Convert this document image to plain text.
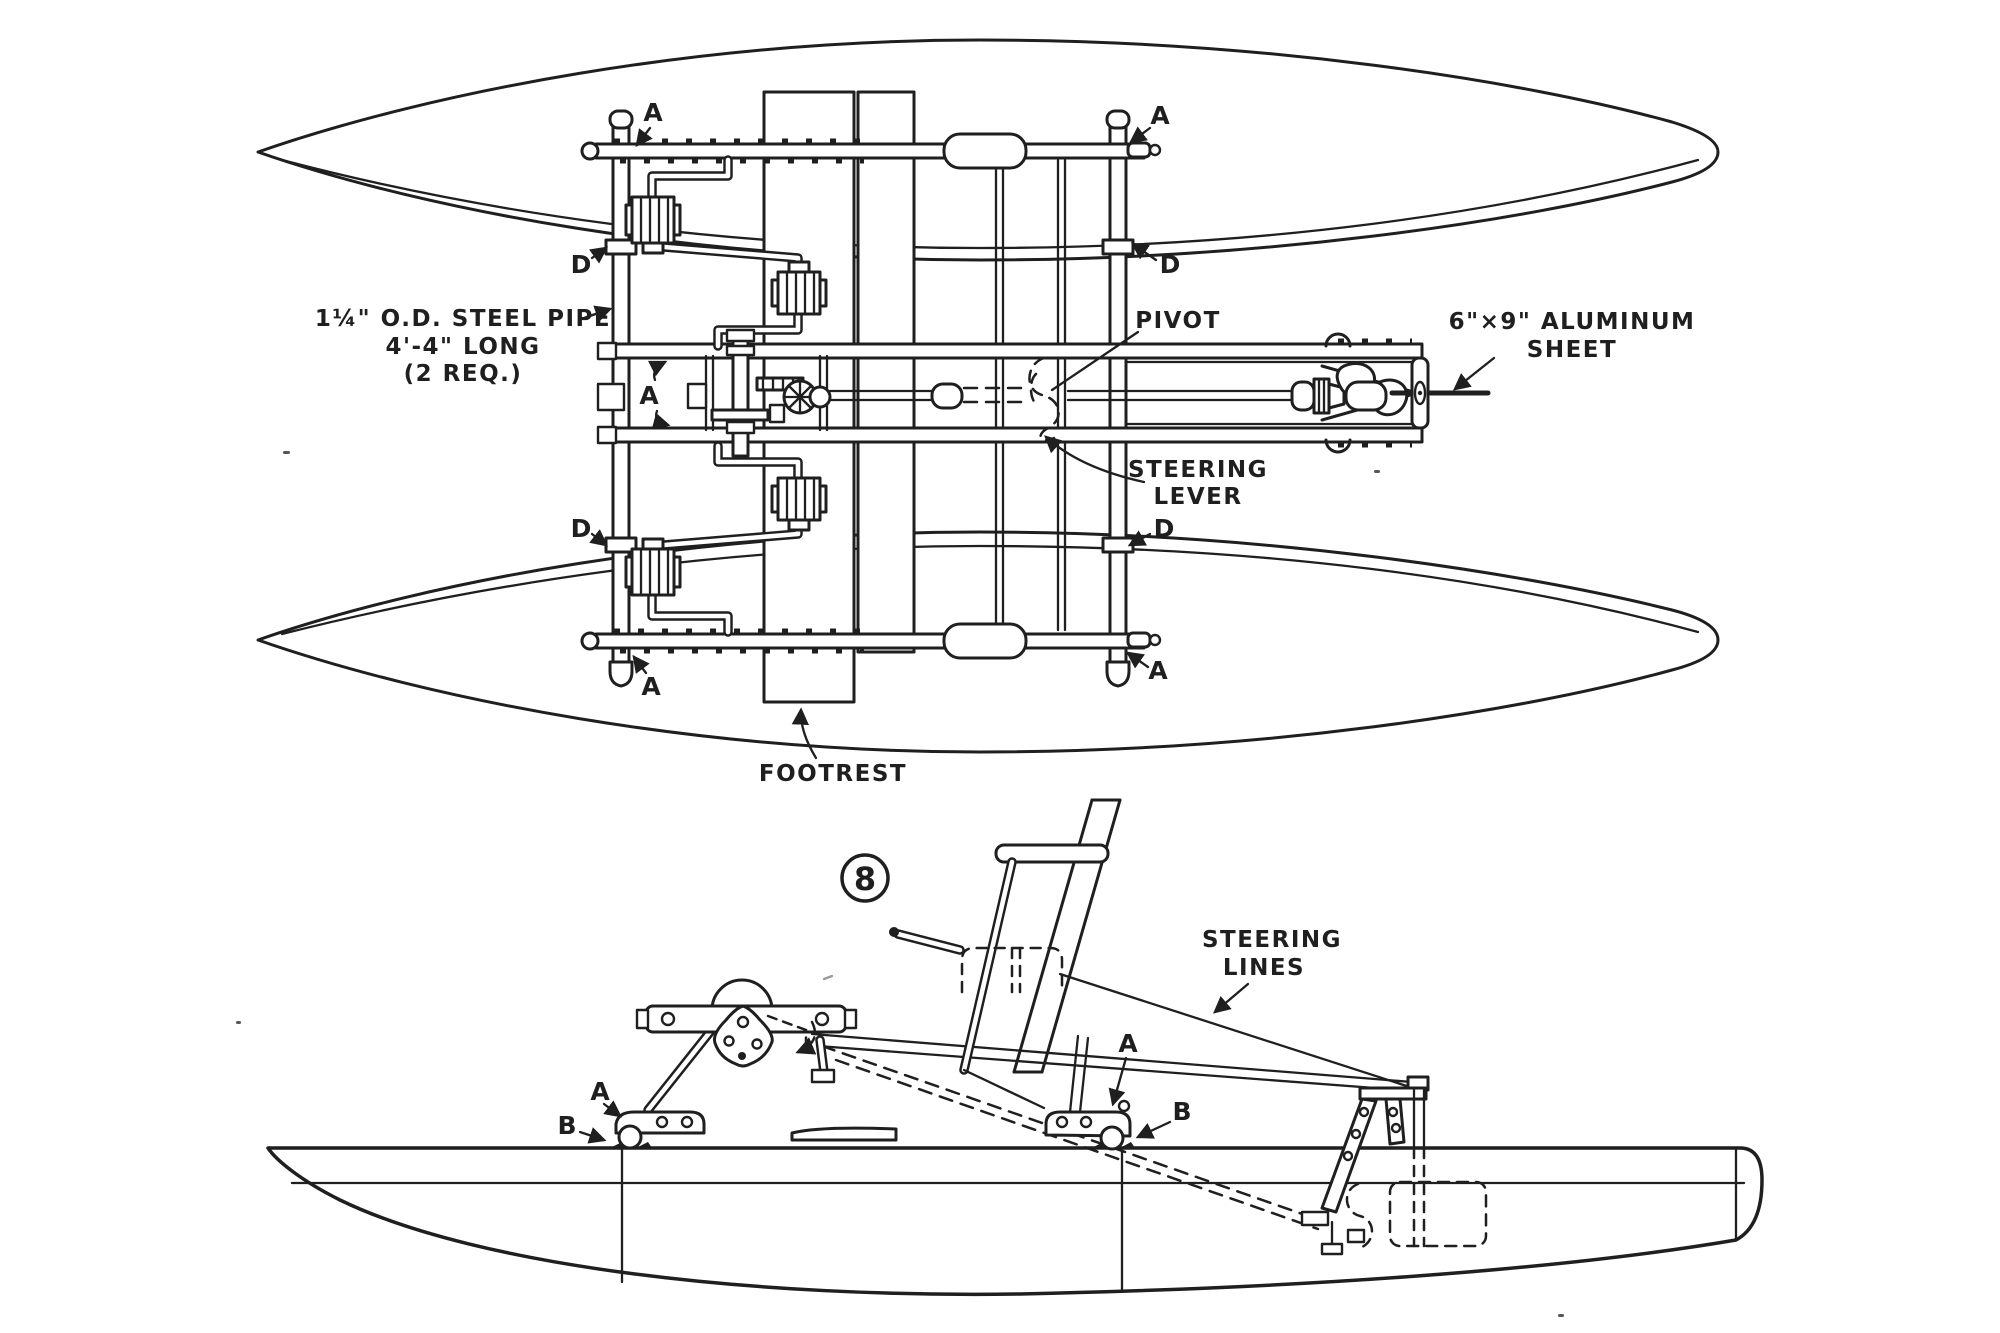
1¼" O.D. STEEL PIPE
4'-4" LONG
(2 REQ.)
PIVOT
STEERING
LEVER
6"×9" ALUMINUM
SHEET
FOOTREST
A	A
A
A
A
D	D
D	D
8
STEERING
LINES
A
B
A
B
